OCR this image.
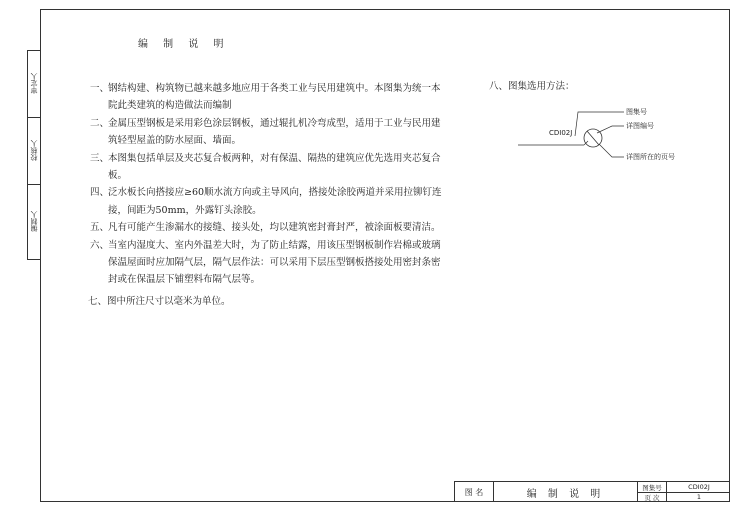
审定人
校核人
编制人
编 制 说 明
一、
钢结构建、构筑物已越来越多地应用于各类工业与民用建筑中。本图集为统一本院此类建筑的构造做法而编制
二、
金属压型钢板是采用彩色涂层钢板，通过辊扎机冷弯成型，适用于工业与民用建筑轻型屋盖的防水屋面、墙面。
三、
本图集包括单层及夹芯复合板两种，对有保温、隔热的建筑应优先选用夹芯复合板。
四、
泛水板长向搭接应≥60顺水流方向或主导风向，搭接处涂胶两道并采用拉铆钉连接，间距为50mm，外露钉头涂胶。
五、
凡有可能产生渗漏水的接缝、接头处，均以建筑密封膏封严，被涂面板要清洁。
六、
当室内湿度大、室内外温差大时，为了防止结露，用该压型钢板制作岩棉或玻璃保温屋面时应加隔气层，隔气层作法：可以采用下层压型钢板搭接处用密封条密封或在保温层下铺塑料布隔气层等。
七、图中所注尺寸以毫米为单位。
八、图集选用方法：
CDI02J
图集号
详图编号
详图所在的页号
图 名	编 制 说 明
图集号
页 次
CDI02J
1
